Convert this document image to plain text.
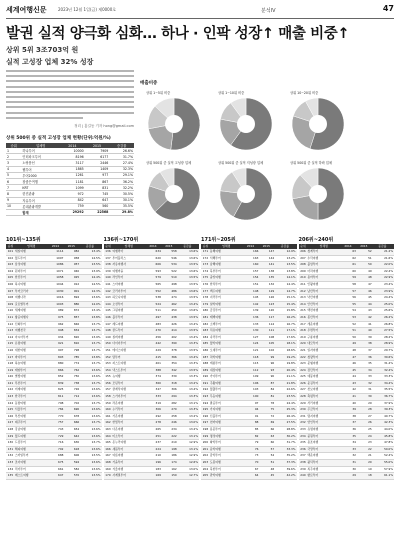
세계여행신문	2023년 12월 1일(금) 제0000호	분석IV	47
발권 실적 양극화 심화… 하나 · 인팍 성장↑ 매출 비중↑
상위 5위 3조703억 원
실적 고성장 업체 32% 성장
정리 | 홍길동 기자 hong@gmail.com
상위 500위 중 실적 고성장 업체 현황(단위:억원/%)
순위	업체명	2014	2015	증감률
1	하나투어	10000	7909	26.6%
2	인터파크투어	8196	6177	31.7%
3	노랑풍선	3117	2446	27.4%
4	웹투어	1865	1409	32.3%
5	투어2000	1261	977	29.1%
6	참좋은여행	1181	867	36.2%
7	KRT	1099	831	32.2%
8	한진관광	972	745	30.5%
9	자유투어	842	647	30.1%
10	롯데관광개발	759	560	35.5%
	합계	29292	22568	29.8%
매출비중
상위 1~5위 비중	상위 1~10위 비중	상위 10~20위 비중
상위 500위 중 실적 고성장 업체	상위 500위 중 실적 저성장 업체	상위 500위 중 실적 하락 업체
101위~135위	136위~170위	171위~205위	206위~240위
순위	업체명	2014	2015	증감률
101 세일여행	1114	982	13.4%
102 월드투어	1097	958	14.5%
103 삼성여행	1086	957	13.5%
104 원더투어	1071	940	13.9%
105 한진투어	1058	925	14.4%
106 하나여행	1044	912	14.5%
107 투어코리아	1030	901	14.3%
108 여행나라	1016	894	13.6%
109 글로벌투어	1003	880	14.0%
110 세계여행	989	872	13.4%
111 항공여행사	975	857	13.8%
112 신화투어	962	846	13.7%
113 여행천국	948	834	13.7%
114 아시아투어	934	820	13.9%
115 유럽여행	921	810	13.7%
116 대한여행	907	798	13.7%
117 바다투어	893	785	13.8%
118 하늘여행	880	774	13.7%
119 태양투어	866	762	13.6%
120 별빛여행	852	750	13.6%
121 푸른투어	839	738	13.7%
122 미래여행	825	726	13.6%
123 한국투어	811	714	13.6%
124 동방여행	798	702	13.7%
125 서울투어	784	690	13.6%
126 부산여행	770	678	13.6%
127 제주투어	757	666	13.7%
128 강남여행	743	654	13.6%
129 월드여행	729	642	13.6%
130 드림투어	716	630	13.7%
131 해피여행	702	618	13.6%
132 스마일투어	688	606	13.5%
133 조이여행	675	594	13.6%
134 럭키투어	661	582	13.6%
135 베스트여행	647	570	13.5%
순위	업체명	2014	2015	증감률
136 여행박사	634	558	13.6%
137 투어플러스	620	546	13.6%
138 자유여행사	606	534	13.5%
139 여행마을	593	522	13.6%
140 라인투어	579	510	13.5%
141 스타여행	565	498	13.5%
142 코리아투어	552	486	13.6%
143 하모니여행	538	474	13.5%
144 오션투어	524	462	13.4%
145 그린여행	511	450	13.6%
146 블루투어	497	438	13.5%
147 레드여행	483	426	13.4%
148 골드투어	470	414	13.5%
149 실버여행	456	402	13.4%
150 다이아투어	442	390	13.3%
151 에이스여행	429	378	13.5%
152 탑투어	415	366	13.4%
153 퍼스트여행	401	354	13.3%
154 넥스트투어	388	342	13.5%
155 뉴여행	374	330	13.3%
156 모던투어	360	318	13.2%
157 클래식여행	347	306	13.4%
158 스카이투어	333	294	13.3%
159 라온여행	319	282	13.1%
160 누리투어	306	270	13.3%
161 가온여행	292	258	13.2%
162 한빛투어	278	246	13.0%
163 다온여행	265	234	13.2%
164 미소투어	251	222	13.1%
165 온누리여행	237	210	12.9%
166 새봄투어	224	198	13.1%
167 여름여행	210	186	12.9%
168 가을투어	196	174	12.6%
169 겨울여행	183	162	13.0%
170 사계절투어	169	150	12.7%
순위	업체명	2014	2015	증감률
171 동해여행	166	147	12.9%
172 서해투어	163	144	13.2%
173 남해여행	160	141	13.5%
174 북부투어	157	138	13.8%
175 중앙여행	154	135	14.1%
176 한라투어	151	132	14.4%
177 백두여행	148	129	14.7%
178 지리투어	145	126	15.1%
179 설악여행	142	123	15.4%
180 금강투어	139	120	15.8%
181 태백여행	136	117	16.2%
182 소백투어	133	114	16.7%
183 덕유여행	130	111	17.1%
184 속리투어	127	108	17.6%
185 월악여행	124	105	18.1%
186 오대투어	121	102	18.6%
187 치악여행	118	99	19.2%
188 계룡투어	115	96	19.8%
189 내장여행	112	93	20.4%
190 가야투어	109	90	21.1%
191 주왕여행	106	87	21.8%
192 월출투어	103	84	22.6%
193 무등여행	100	81	23.5%
194 팔공투어	97	78	24.4%
195 가지여행	94	75	25.3%
196 신불투어	91	72	26.4%
197 천마여행	88	69	27.5%
198 용문투어	85	66	28.8%
199 명성여행	82	63	30.2%
200 화악투어	79	60	31.7%
201 운악여행	76	57	33.3%
202 감악투어	73	54	35.2%
203 도봉여행	70	51	37.3%
204 북한투어	67	48	39.6%
205 관악여행	64	45	42.2%
순위	업체명	2014	2015	증감률
206 청계투어	63	52	21.2%
207 수락여행	62	51	21.6%
208 불암투어	61	50	22.0%
209 아차여행	60	49	22.4%
210 용마투어	59	48	22.9%
211 인왕여행	58	47	23.4%
212 남산투어	57	46	23.9%
213 낙산여행	56	45	24.4%
214 안산투어	55	44	25.0%
215 백련여행	54	43	25.6%
216 봉산투어	53	42	26.2%
217 개운여행	52	41	26.8%
218 우면투어	51	40	27.5%
219 구룡여행	50	39	28.2%
220 대모투어	49	38	28.9%
221 일자여행	48	37	29.7%
222 청량투어	47	36	30.6%
223 문형여행	46	35	31.4%
224 검단투어	45	34	32.4%
225 예봉여행	44	33	33.3%
226 운길투어	43	32	34.4%
227 천보여행	42	31	35.5%
228 축령투어	41	30	36.7%
229 서리여행	40	29	37.9%
230 주금투어	39	28	39.3%
231 명지여행	38	27	40.7%
232 연인투어	37	26	42.3%
233 유명여행	36	25	44.0%
234 중원투어	35	24	45.8%
235 용조여행	34	23	47.8%
236 국망투어	33	22	50.0%
237 백운여행	32	21	52.4%
238 광덕투어	31	20	55.0%
239 복주여행	30	19	57.9%
240 향로투어	29	18	61.1%
